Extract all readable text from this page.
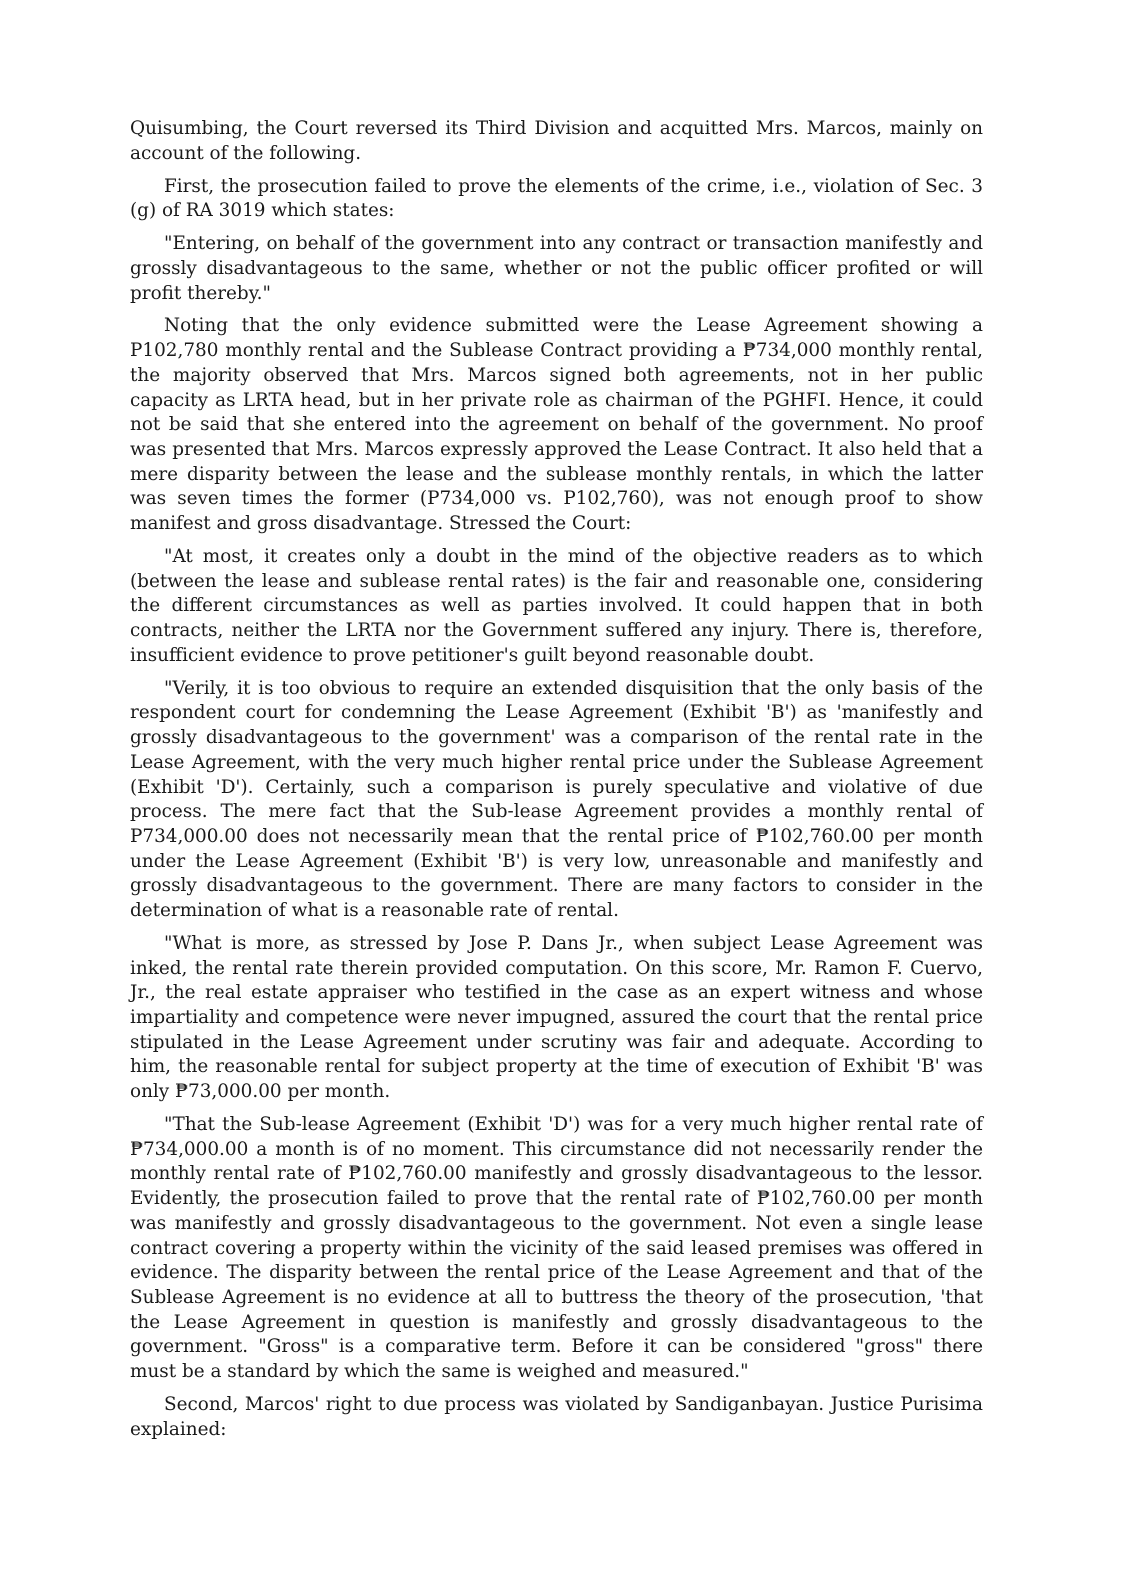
Quisumbing, the Court reversed its Third Division and acquitted Mrs. Marcos, mainly on account of the following.

First, the prosecution failed to prove the elements of the crime, i.e., violation of Sec. 3 (g) of RA 3019 which states:

"Entering, on behalf of the government into any contract or transaction manifestly and grossly disadvantageous to the same, whether or not the public officer profited or will profit thereby."

Noting that the only evidence submitted were the Lease Agreement showing a P102,780 monthly rental and the Sublease Contract providing a ₱734,000 monthly rental, the majority observed that Mrs. Marcos signed both agreements, not in her public capacity as LRTA head, but in her private role as chairman of the PGHFI. Hence, it could not be said that she entered into the agreement on behalf of the government. No proof was presented that Mrs. Marcos expressly approved the Lease Contract. It also held that a mere disparity between the lease and the sublease monthly rentals, in which the latter was seven times the former (P734,000 vs. P102,760), was not enough proof to show manifest and gross disadvantage. Stressed the Court:

"At most, it creates only a doubt in the mind of the objective readers as to which (between the lease and sublease rental rates) is the fair and reasonable one, considering the different circumstances as well as parties involved. It could happen that in both contracts, neither the LRTA nor the Government suffered any injury. There is, therefore, insufficient evidence to prove petitioner's guilt beyond reasonable doubt.

"Verily, it is too obvious to require an extended disquisition that the only basis of the respondent court for condemning the Lease Agreement (Exhibit 'B') as 'manifestly and grossly disadvantageous to the government' was a comparison of the rental rate in the Lease Agreement, with the very much higher rental price under the Sublease Agreement (Exhibit 'D'). Certainly, such a comparison is purely speculative and violative of due process. The mere fact that the Sub-lease Agreement provides a monthly rental of P734,000.00 does not necessarily mean that the rental price of ₱102,760.00 per month under the Lease Agreement (Exhibit 'B') is very low, unreasonable and manifestly and grossly disadvantageous to the government. There are many factors to consider in the determination of what is a reasonable rate of rental.

"What is more, as stressed by Jose P. Dans Jr., when subject Lease Agreement was inked, the rental rate therein provided computation. On this score, Mr. Ramon F. Cuervo, Jr., the real estate appraiser who testified in the case as an expert witness and whose impartiality and competence were never impugned, assured the court that the rental price stipulated in the Lease Agreement under scrutiny was fair and adequate. According to him, the reasonable rental for subject property at the time of execution of Exhibit 'B' was only ₱73,000.00 per month.

"That the Sub-lease Agreement (Exhibit 'D') was for a very much higher rental rate of ₱734,000.00 a month is of no moment. This circumstance did not necessarily render the monthly rental rate of ₱102,760.00 manifestly and grossly disadvantageous to the lessor. Evidently, the prosecution failed to prove that the rental rate of ₱102,760.00 per month was manifestly and grossly disadvantageous to the government. Not even a single lease contract covering a property within the vicinity of the said leased premises was offered in evidence. The disparity between the rental price of the Lease Agreement and that of the Sublease Agreement is no evidence at all to buttress the theory of the prosecution, 'that the Lease Agreement in question is manifestly and grossly disadvantageous to the government. "Gross" is a comparative term. Before it can be considered "gross" there must be a standard by which the same is weighed and measured."

Second, Marcos' right to due process was violated by Sandiganbayan. Justice Purisima explained:
